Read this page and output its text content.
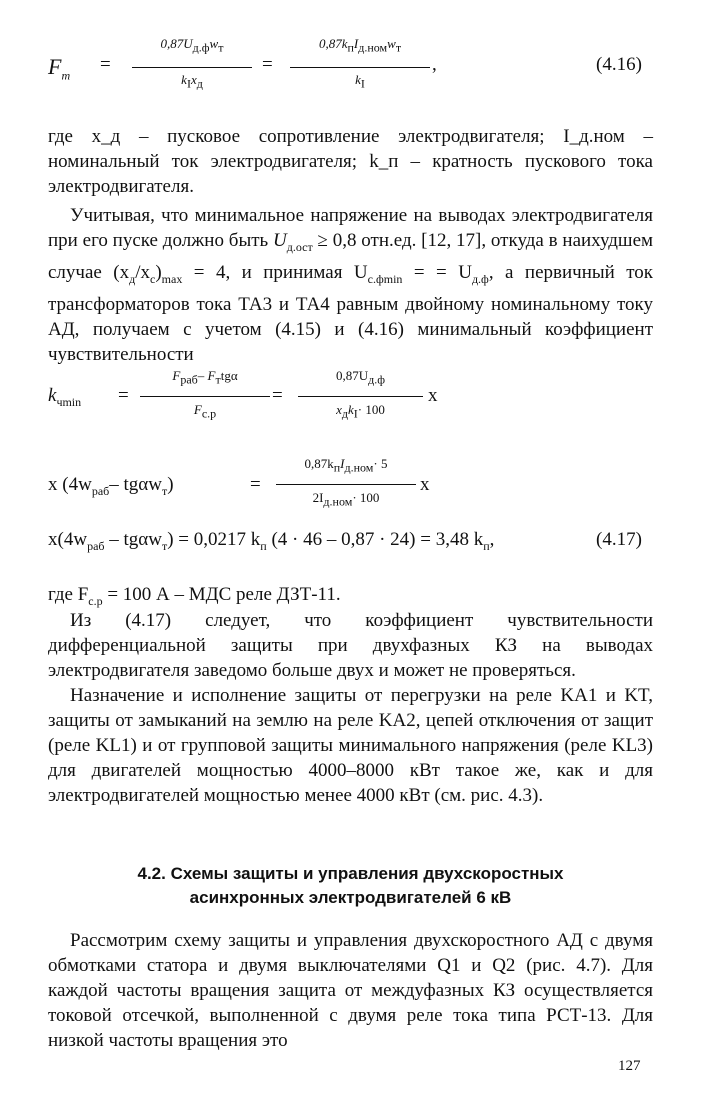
$F_т$
=
$0,87U_{д.ф}w_т$
$k_Ix_д$
=
$0,87k_пI_{д.ном}w_т$
$k_I$
,	(4.16)
где x_д – пусковое сопротивление электродвигателя; I_д.ном – номинальный ток электродвигателя; k_п – кратность пускового тока электродвигателя.
Учитывая, что минимальное напряжение на выводах электродвигателя при его пуске должно быть $U_{д.ост} \ge 0,8$ отн.ед. [12, 17], откуда в наихудшем случае $(x_д/x_с)_{max} = 4$, и принимая $U_{с.фmin}$ = = $U_{д.ф}$, а первичный ток трансформаторов тока ТА3 и ТА4 равным двойному номинальному току АД, получаем с учетом (4.15) и (4.16) минимальный коэффициент чувствительности
$k_{чmin}$ =
$F_{раб}-$ $F_тtg\alpha$
$F_{с.р}$
=
$0,87U_{д.ф}$
$x_дk_I\cdot 100$
x
x ($4w_{раб}-$ tgαw$_т$)	=
$0,87k_пI_{д.ном}\cdot 5$
$2I_{д.ном}\cdot 100$
x
$x(4w_{раб} - tg\alpha w_т) = 0,0217$ $k_п$ (4 · 46 – 0,87 · 24) = 3,48 $k_п$,	(4.17)
где $F_{с.р} = 100$ А – МДС реле ДЗТ-11.
Из (4.17) следует, что коэффициент чувствительности дифференциальной защиты при двухфазных КЗ на выводах электродвигателя заведомо больше двух и может не проверяться.
Назначение и исполнение защиты от перегрузки на реле KA1 и KT, защиты от замыканий на землю на реле KA2, цепей отключения от защит (реле KL1) и от групповой защиты минимального напряжения (реле KL3) для двигателей мощностью 4000–8000 кВт такое же, как и для электродвигателей мощностью менее 4000 кВт (см. рис. 4.3).
4.2. Схемы защиты и управления двухскоростных
асинхронных электродвигателей 6 кВ
Рассмотрим схему защиты и управления двухскоростного АД с двумя обмотками статора и двумя выключателями Q1 и Q2 (рис. 4.7). Для каждой частоты вращения защита от междуфазных КЗ осуществляется токовой отсечкой, выполненной с двумя реле тока типа РСТ-13. Для низкой частоты вращения это
127
